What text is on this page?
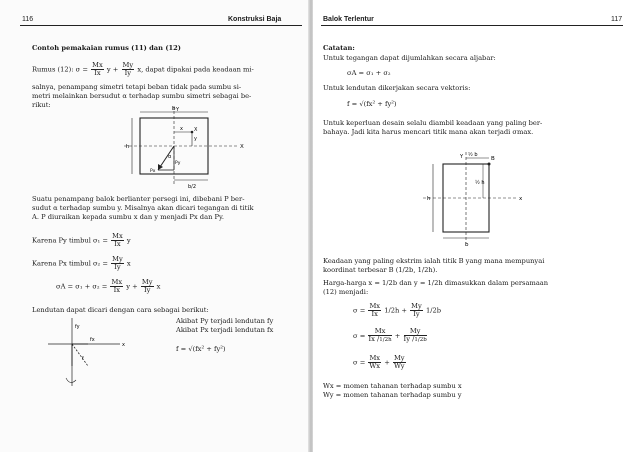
116	Konstruksi Baja
Contoh pemakaian rumus (11) dan (12)
Rumus (12): $\sigma = \frac{Mx}{Ix}$ $y + \frac{My}{Iy} x$, dapat dipakai pada keadaan mi-
salnya, penampang simetri tetapi beban tidak pada sumbu si-
metri melainkan bersudut α terhadap sumbu simetri sebagai be-
rikut:	b
h
b/2
X
Y
x
y
X
α
Py
Px
Suatu penampang balok berlianter persegi ini, dibebani P ber-
sudut α terhadap sumbu y. Misalnya akan dicari tegangan di titik
A. P diuraikan kepada sumbu x dan y menjadi Px dan Py.
Karena Py timbul $\sigma_1 = \frac{Mx}{Ix}$ y
Karena Px timbul $\sigma_2 = \frac{My}{Iy}$ x
$\sigma A = \sigma_1 + \sigma_2 = \frac{Mx}{Ix}$ $y + \frac{My}{Iy}$ x
Lendutan dapat dicari dengan cara sebagai berikut:
Akibat Py terjadi lendutan fy
Akibat Px terjadi lendutan fx
f = √(fx² + fy²)
fy
fx
f
x
Balok Terlentur	117
Catatan:
Untuk tegangan dapat dijumlahkan secara aljabar:
σA = σ₁ + σ₂
Untuk lendutan dikerjakan secara vektoris:
f = √(fx² + fy²)
Untuk keperluan desain selalu diambil keadaan yang paling ber-
bahaya. Jadi kita harus mencari titik mana akan terjadi σmax.
½ b
B
Y
x
h
b
½ h
Keadaan yang paling ekstrim ialah titik B yang mana mempunyai
koordinat terbesar B (1/2b, 1/2h).
Harga-harga x = 1/2b dan y = 1/2h dimasukkan dalam persamaan
(12) menjadi:
$\sigma = \frac{Mx}{Ix} 1/2h + \frac{My}{Iy} 1/2b$
$\sigma = \frac{Mx}{Ix /1/2h} + \frac{My}{Iy /1/2b}$
$\sigma = \frac{Mx}{Wx} + \frac{My}{Wy}$
Wx = momen tahanan terhadap sumbu x
Wy = momen tahanan terhadap sumbu y
